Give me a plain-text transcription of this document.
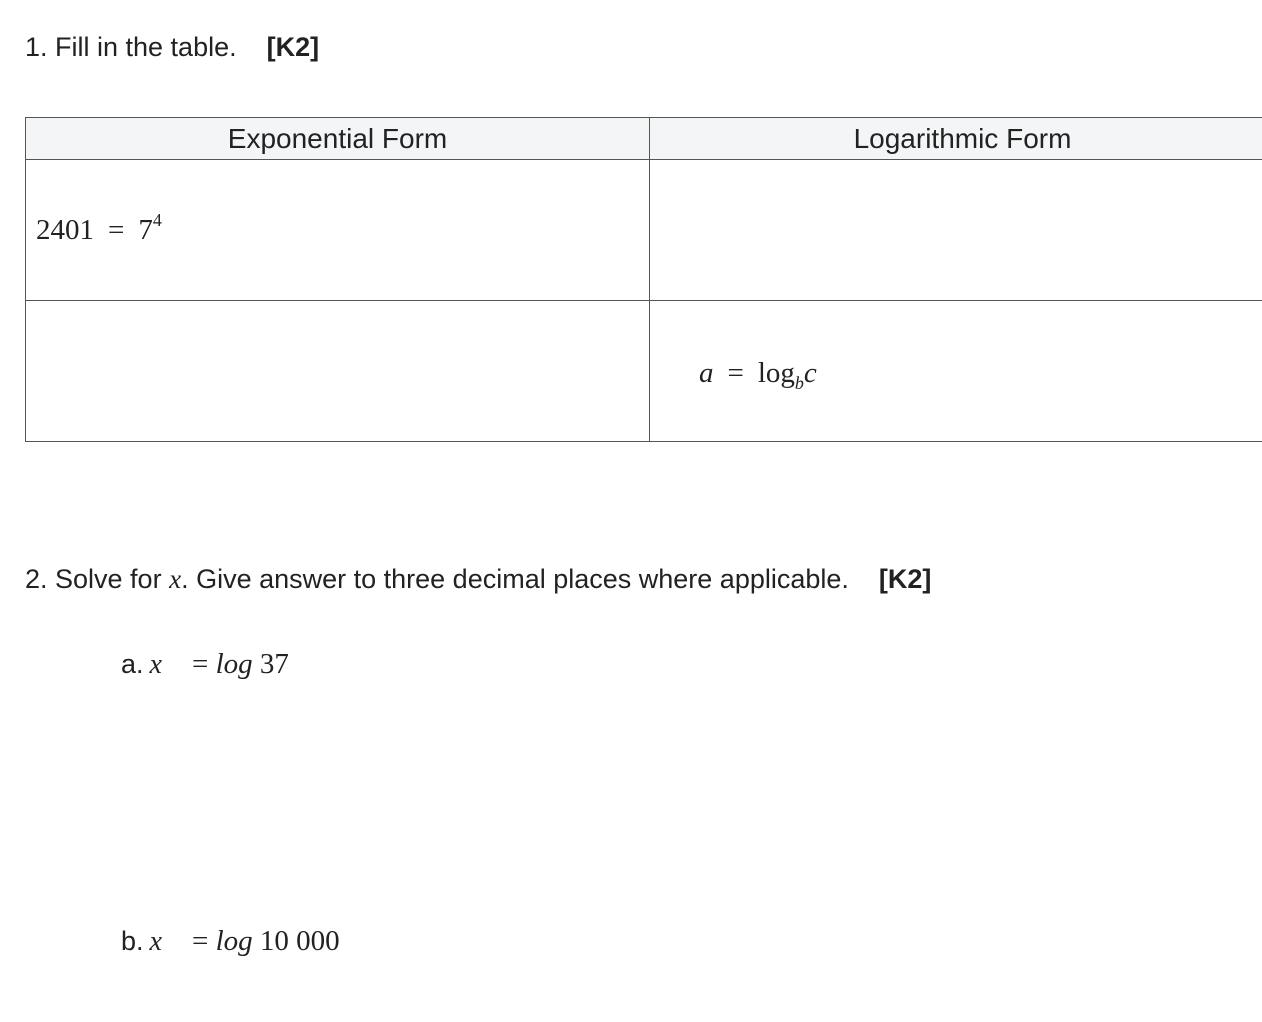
1. Fill in the table. [K2]
Exponential Form	Logarithmic Form
$2401 = 7^4$	
	$a = \log_bc$
2. Solve for x. Give answer to three decimal places where applicable. [K2]
a. x = log 37
b. x = log 10 000
